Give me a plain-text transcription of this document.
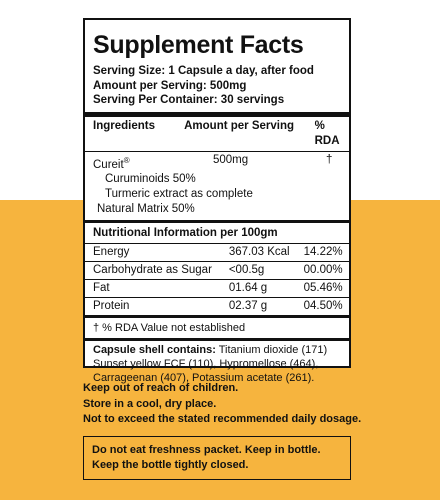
Supplement Facts
Serving Size: 1 Capsule a day, after food
Amount per Serving: 500mg
Serving Per Container: 30 servings
Ingredients	Amount per Serving	% RDA
Cureit®	500mg	†
Curuminoids 50%
Turmeric extract as complete
Natural Matrix 50%
Nutritional Information per 100gm
Energy	367.03 Kcal	14.22%
Carbohydrate as Sugar	<00.5g	00.00%
Fat	01.64 g	05.46%
Protein	02.37 g	04.50%
† % RDA Value not established
Capsule shell contains: Titanium dioxide (171)
Sunset yellow FCF (110), Hypromellose (464),
Carrageenan (407), Potassium acetate (261).
Keep out of reach of children.
Store in a cool, dry place.
Not to exceed the stated recommended daily dosage.
Do not eat freshness packet. Keep in bottle.
Keep the bottle tightly closed.
